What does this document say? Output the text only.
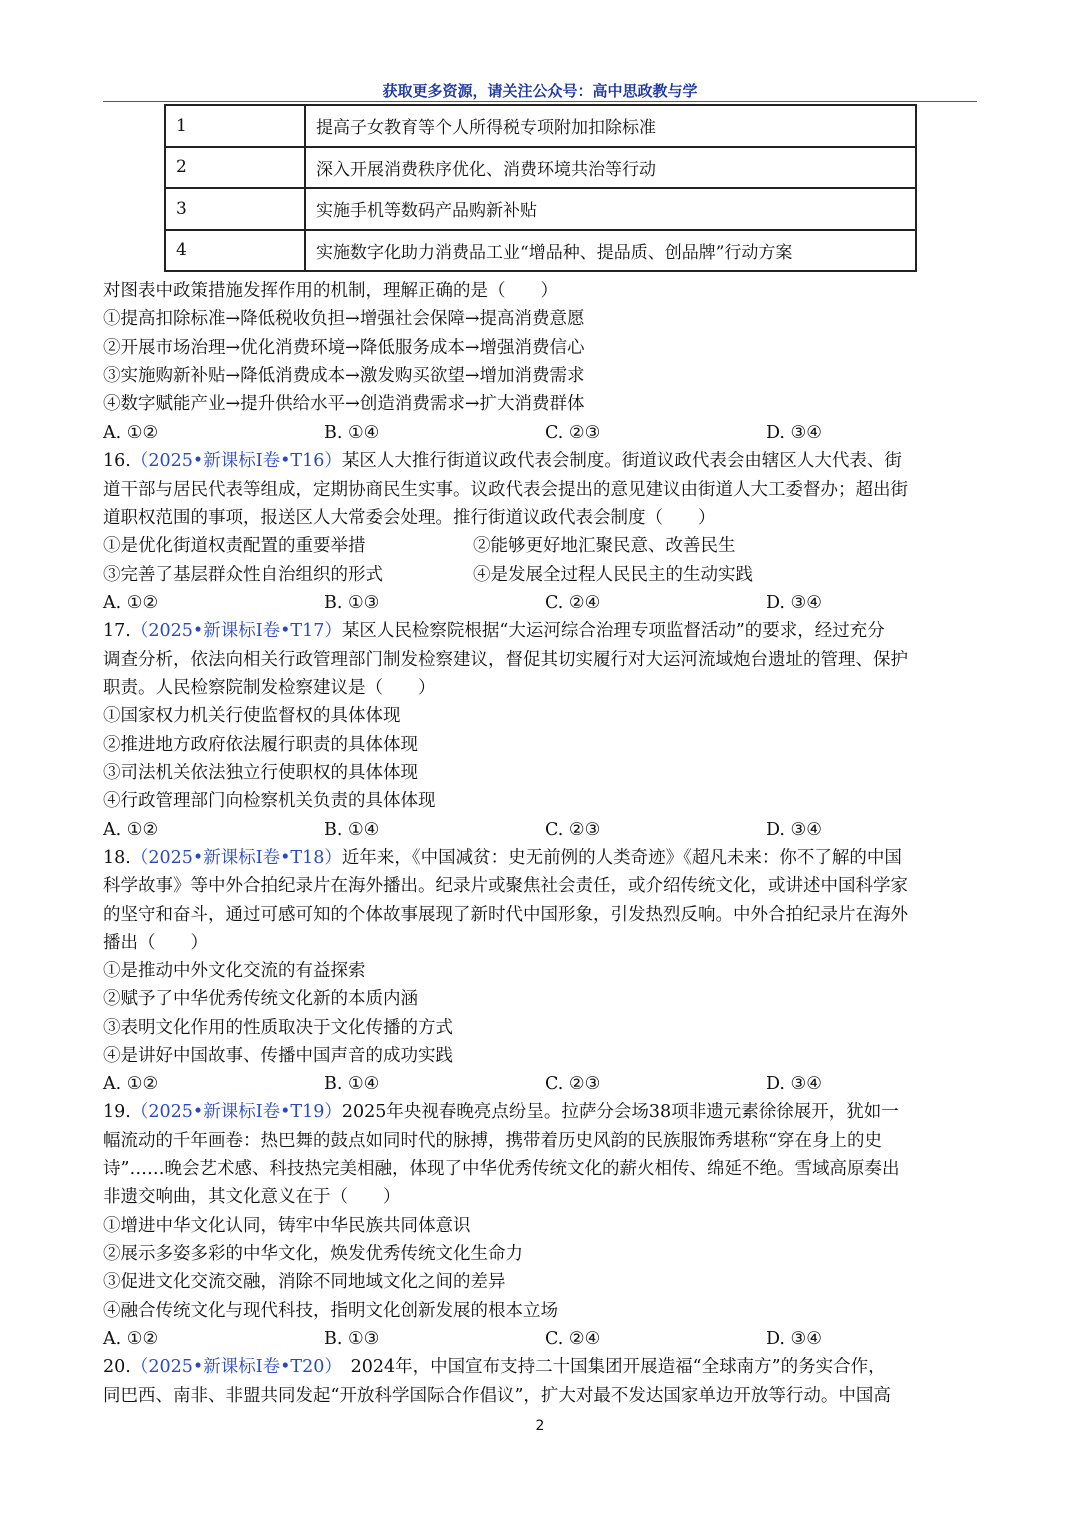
获取更多资源，请关注公众号：高中思政教与学
1	提高子女教育等个人所得税专项附加扣除标准
2	深入开展消费秩序优化、消费环境共治等行动
3	实施手机等数码产品购新补贴
4	实施数字化助力消费品工业“增品种、提品质、创品牌”行动方案
对图表中政策措施发挥作用的机制，理解正确的是（　　）
①提高扣除标准→降低税收负担→增强社会保障→提高消费意愿
②开展市场治理→优化消费环境→降低服务成本→增强消费信心
③实施购新补贴→降低消费成本→激发购买欲望→增加消费需求
④数字赋能产业→提升供给水平→创造消费需求→扩大消费群体
A. ①②	B. ①④	C. ②③	D. ③④
16.（2025•新课标Ⅰ卷•T16）某区人大推行街道议政代表会制度。街道议政代表会由辖区人大代表、街
道干部与居民代表等组成，定期协商民生实事。议政代表会提出的意见建议由街道人大工委督办；超出街
道职权范围的事项，报送区人大常委会处理。推行街道议政代表会制度（　　）
①是优化街道权责配置的重要举措	②能够更好地汇聚民意、改善民生
③完善了基层群众性自治组织的形式	④是发展全过程人民民主的生动实践
A. ①②	B. ①③	C. ②④	D. ③④
17.（2025•新课标Ⅰ卷•T17）某区人民检察院根据“大运河综合治理专项监督活动”的要求，经过充分
调查分析，依法向相关行政管理部门制发检察建议，督促其切实履行对大运河流域炮台遗址的管理、保护
职责。人民检察院制发检察建议是（　　）
①国家权力机关行使监督权的具体体现
②推进地方政府依法履行职责的具体体现
③司法机关依法独立行使职权的具体体现
④行政管理部门向检察机关负责的具体体现
A. ①②	B. ①④	C. ②③	D. ③④
18.（2025•新课标Ⅰ卷•T18）近年来，《中国减贫：史无前例的人类奇迹》《超凡未来：你不了解的中国
科学故事》等中外合拍纪录片在海外播出。纪录片或聚焦社会责任，或介绍传统文化，或讲述中国科学家
的坚守和奋斗，通过可感可知的个体故事展现了新时代中国形象，引发热烈反响。中外合拍纪录片在海外
播出（　　）
①是推动中外文化交流的有益探索
②赋予了中华优秀传统文化新的本质内涵
③表明文化作用的性质取决于文化传播的方式
④是讲好中国故事、传播中国声音的成功实践
A. ①②	B. ①④	C. ②③	D. ③④
19.（2025•新课标Ⅰ卷•T19）2025年央视春晚亮点纷呈。拉萨分会场38项非遗元素徐徐展开，犹如一
幅流动的千年画卷：热巴舞的鼓点如同时代的脉搏，携带着历史风韵的民族服饰秀堪称“穿在身上的史
诗”……晚会艺术感、科技热完美相融，体现了中华优秀传统文化的薪火相传、绵延不绝。雪域高原奏出
非遗交响曲，其文化意义在于（　　）
①增进中华文化认同，铸牢中华民族共同体意识
②展示多姿多彩的中华文化，焕发优秀传统文化生命力
③促进文化交流交融，消除不同地域文化之间的差异
④融合传统文化与现代科技，指明文化创新发展的根本立场
A. ①②	B. ①③	C. ②④	D. ③④
20.（2025•新课标Ⅰ卷•T20）　2024年，中国宣布支持二十国集团开展造福“全球南方”的务实合作，
同巴西、南非、非盟共同发起“开放科学国际合作倡议”，扩大对最不发达国家单边开放等行动。中国高
2
